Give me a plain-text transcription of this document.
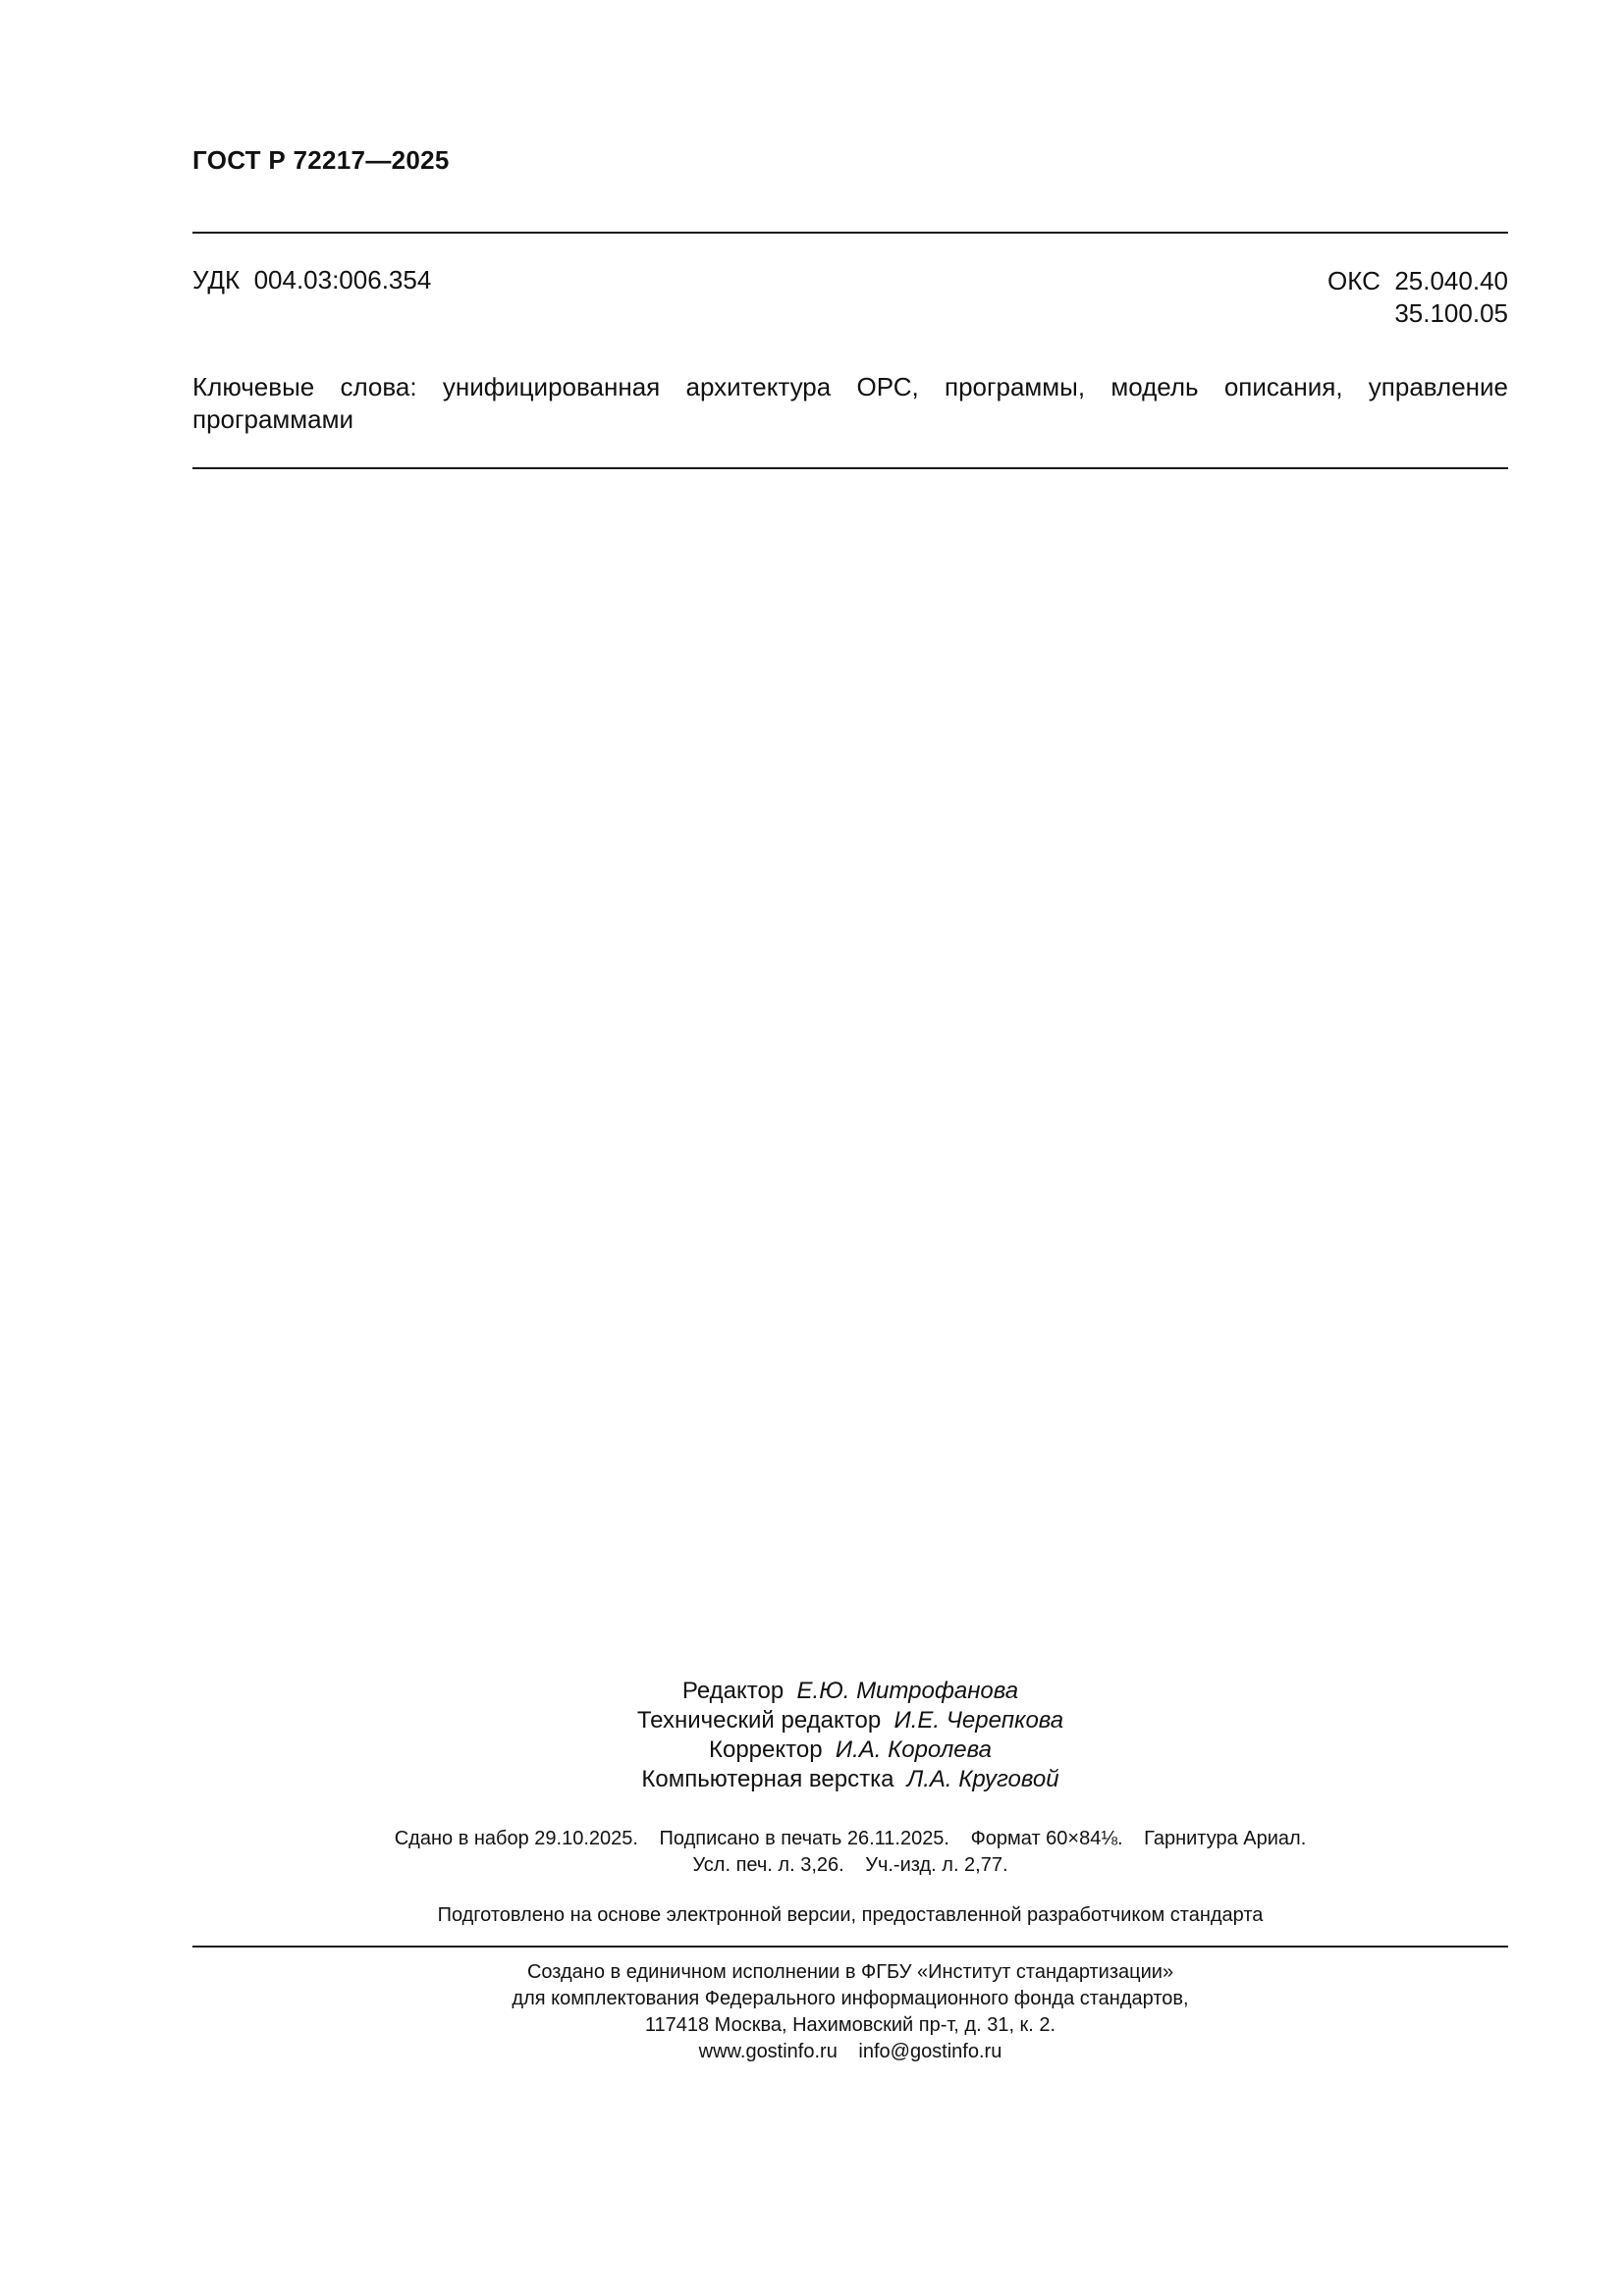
ГОСТ Р 72217—2025
УДК 004.03:006.354	ОКС 25.040.40
35.100.05
Ключевые слова: унифицированная архитектура ОРС, программы, модель описания, управление программами
Редактор Е.Ю. Митрофанова
Технический редактор И.Е. Черепкова
Корректор И.А. Королева
Компьютерная верстка Л.А. Круговой
Сдано в набор 29.10.2025. Подписано в печать 26.11.2025. Формат 60×84⅛. Гарнитура Ариал.
Усл. печ. л. 3,26. Уч.-изд. л. 2,77.
Подготовлено на основе электронной версии, предоставленной разработчиком стандарта
Создано в единичном исполнении в ФГБУ «Институт стандартизации»
для комплектования Федерального информационного фонда стандартов,
117418 Москва, Нахимовский пр-т, д. 31, к. 2.
www.gostinfo.ru info@gostinfo.ru
